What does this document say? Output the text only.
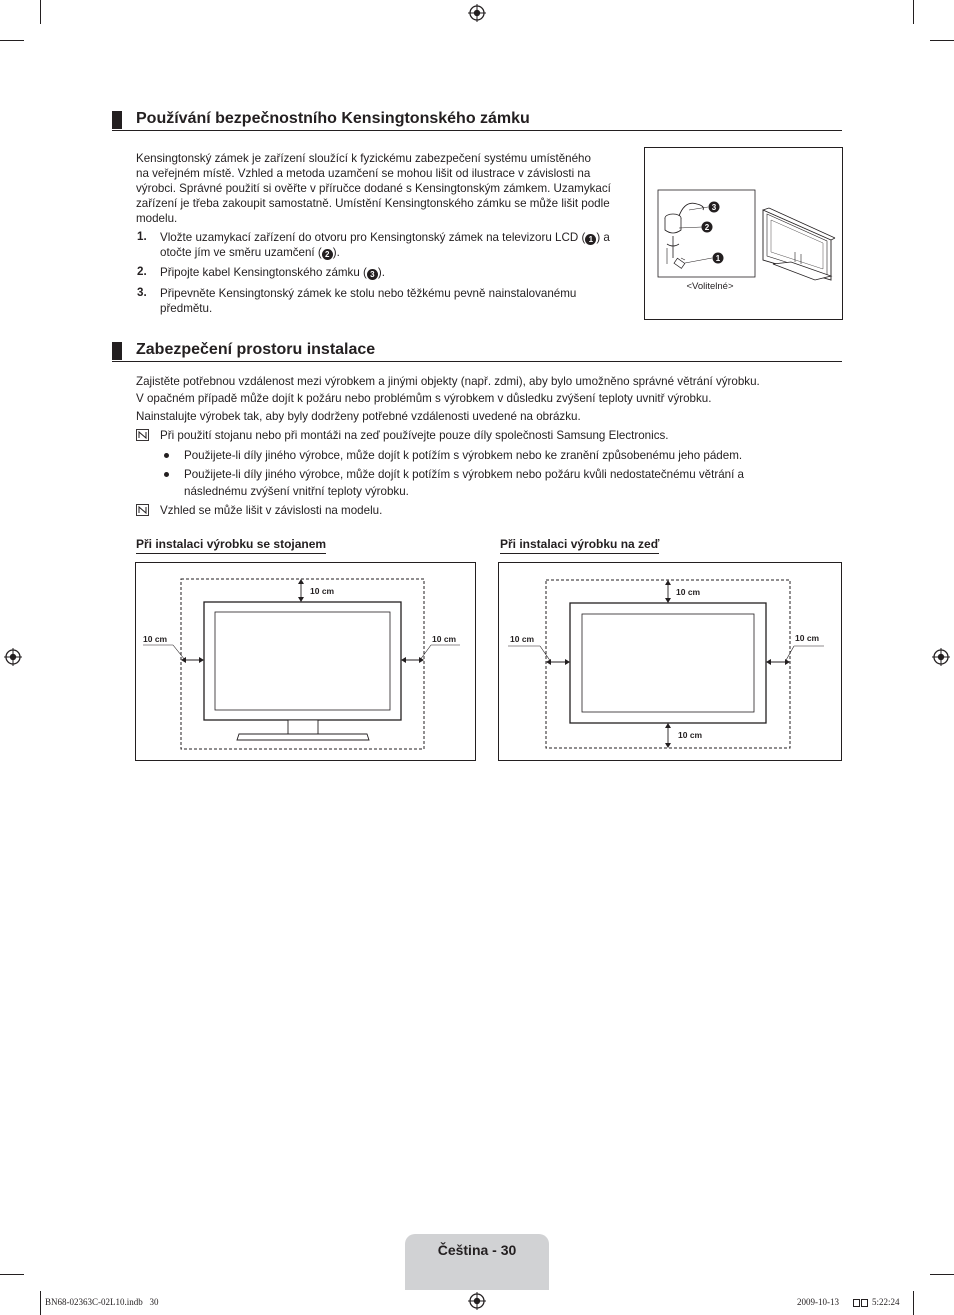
Používání bezpečnostního Kensingtonského zámku
Kensingtonský zámek je zařízení sloužící k fyzickému zabezpečení systému umístěného
na veřejném místě. Vzhled a metoda uzamčení se mohou lišit od ilustrace v závislosti na
výrobci. Správné použití si ověřte v příručce dodané s Kensingtonským zámkem. Uzamykací
zařízení je třeba zakoupit samostatně. Umístění Kensingtonského zámku se může lišit podle
modelu.
1. Vložte uzamykací zařízení do otvoru pro Kensingtonský zámek na televizoru LCD ( 1 ) a
otočte jím ve směru uzamčení ( 2 ).
2. Připojte kabel Kensingtonského zámku ( 3 ).
3. Připevněte Kensingtonský zámek ke stolu nebo těžkému pevně nainstalovanému
předmětu.
3
2
1
<Volitelné>
Zabezpečení prostoru instalace
Zajistěte potřebnou vzdálenost mezi výrobkem a jinými objekty (např. zdmi), aby bylo umožněno správné větrání výrobku.
V opačném případě může dojít k požáru nebo problémům s výrobkem v důsledku zvýšení teploty uvnitř výrobku.
Nainstalujte výrobek tak, aby byly dodrženy potřebné vzdálenosti uvedené na obrázku.
Při použití stojanu nebo při montáži na zeď používejte pouze díly společnosti Samsung Electronics.
Použijete-li díly jiného výrobce, může dojít k potížím s výrobkem nebo ke zranění způsobenému jeho pádem.
Použijete-li díly jiného výrobce, může dojít k potížím s výrobkem nebo požáru kvůli nedostatečnému větrání a
následnému zvýšení vnitřní teploty výrobku.
Vzhled se může lišit v závislosti na modelu.
Při instalaci výrobku se stojanem	Při instalaci výrobku na zeď
10 cm
10 cm	10 cm
10 cm
10 cm	10 cm
10 cm
Čeština - 30
BN68-02363C-02L10.indb   30	2009-10-13	5:22:24
